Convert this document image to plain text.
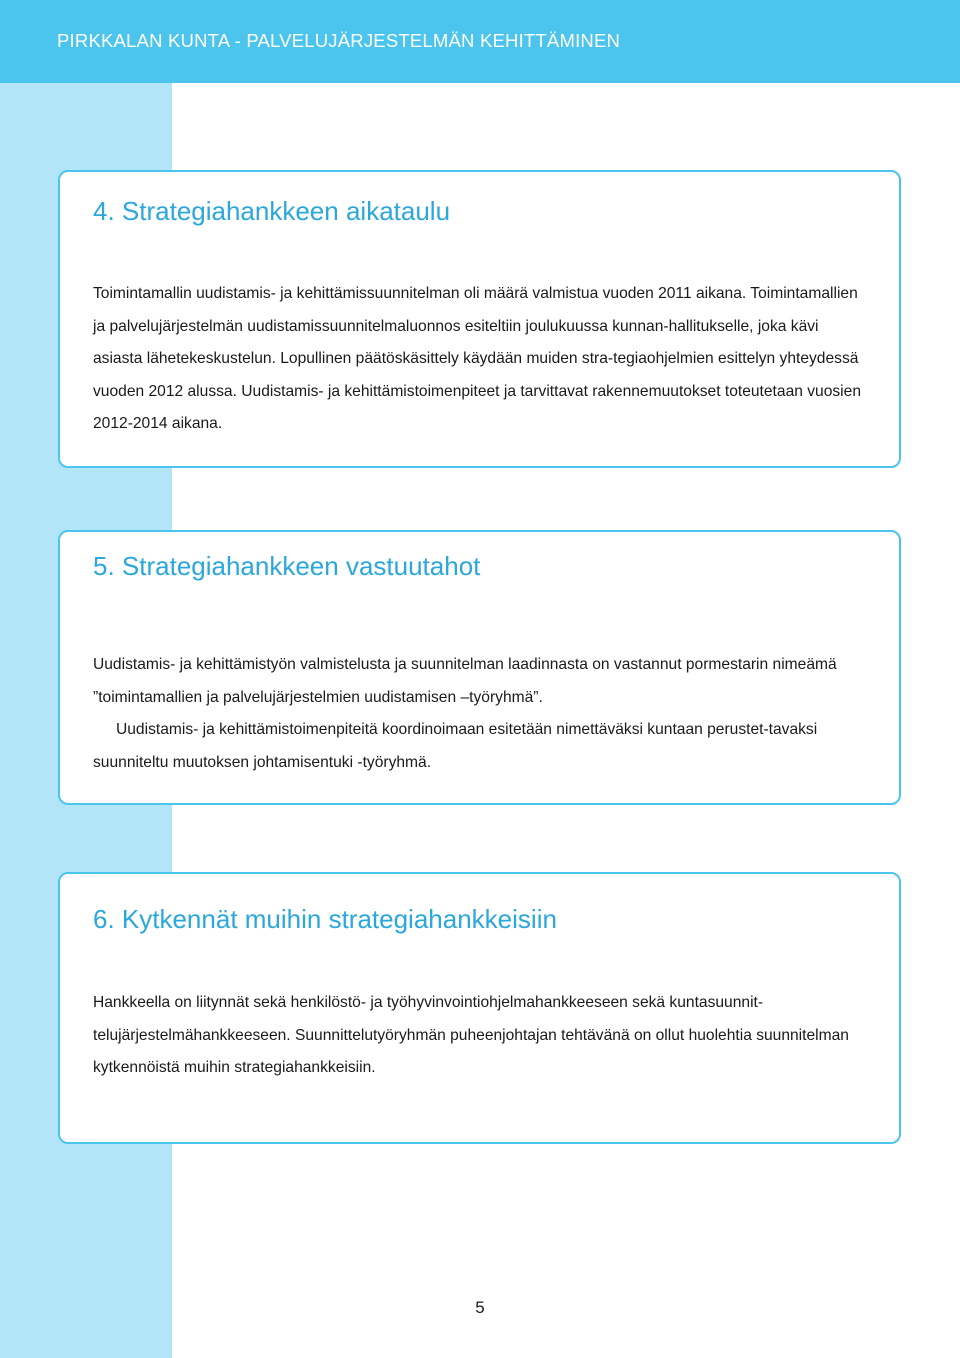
PIRKKALAN KUNTA - PALVELUJÄRJESTELMÄN KEHITTÄMINEN
4. Strategiahankkeen aikataulu

Toimintamallin uudistamis- ja kehittämissuunnitelman oli määrä valmistua vuoden 2011 aikana. Toimintamallien ja palvelujärjestelmän uudistamissuunnitelmaluonnos esiteltiin joulukuussa kunnan-hallitukselle, joka kävi asiasta lähetekeskustelun. Lopullinen päätöskäsittely käydään muiden stra-tegiaohjelmien esittelyn yhteydessä vuoden 2012 alussa. Uudistamis- ja kehittämistoimenpiteet ja tarvittavat rakennemuutokset toteutetaan vuosien 2012-2014 aikana.

5. Strategiahankkeen vastuutahot

Uudistamis- ja kehittämistyön valmistelusta ja suunnitelman laadinnasta on vastannut pormestarin nimeämä ”toimintamallien ja palvelujärjestelmien uudistamisen –työryhmä”.

Uudistamis- ja kehittämistoimenpiteitä koordinoimaan esitetään nimettäväksi kuntaan perustet-tavaksi suunniteltu muutoksen johtamisentuki -työryhmä.

6. Kytkennät muihin strategiahankkeisiin

Hankkeella on liitynnät sekä henkilöstö- ja työhyvinvointiohjelmahankkeeseen sekä kuntasuunnit-telujärjestelmähankkeeseen. Suunnittelutyöryhmän puheenjohtajan tehtävänä on ollut huolehtia suunnitelman kytkennöistä muihin strategiahankkeisiin.

5
